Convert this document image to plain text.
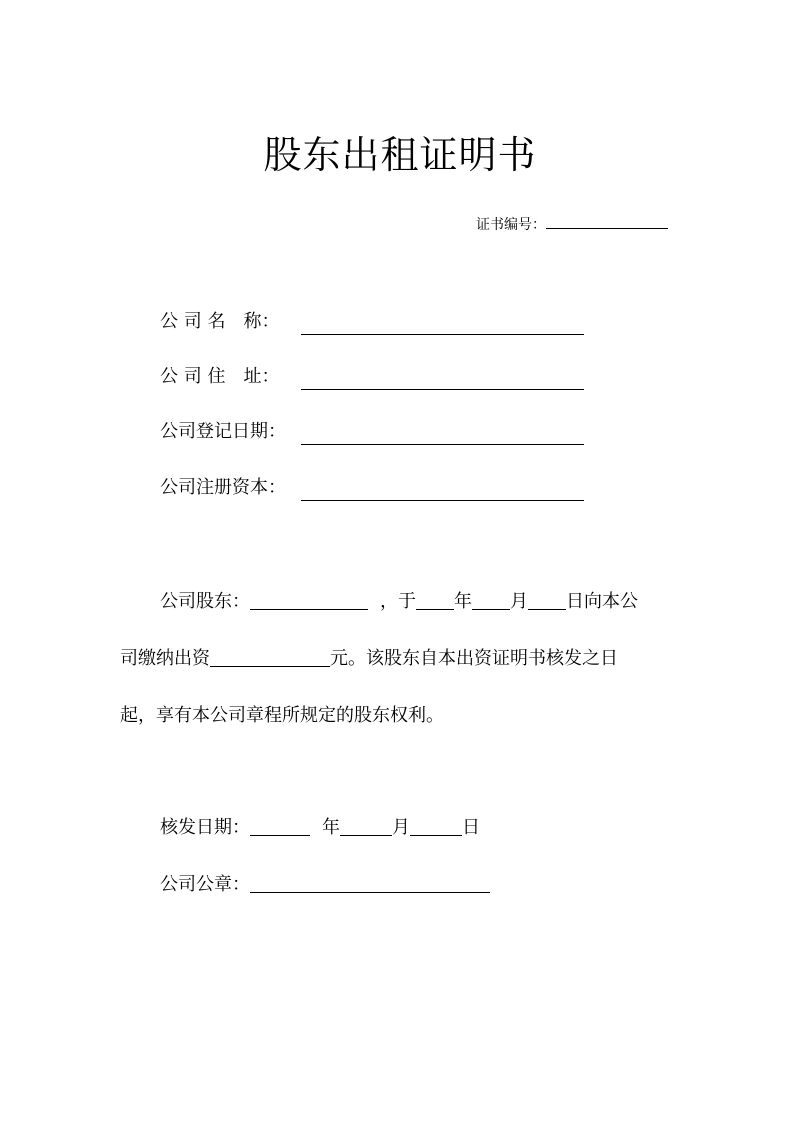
股东出租证明书
证书编号：
公 司 名　称：
公 司 住　址：
公司登记日期：
公司注册资本：
公司股东：	，于 年 月 日向本公
司缴纳出资	元。该股东自本出资证明书核发之日
起，享有本公司章程所规定的股东权利。
核发日期：	年	月	日
公司公章：
